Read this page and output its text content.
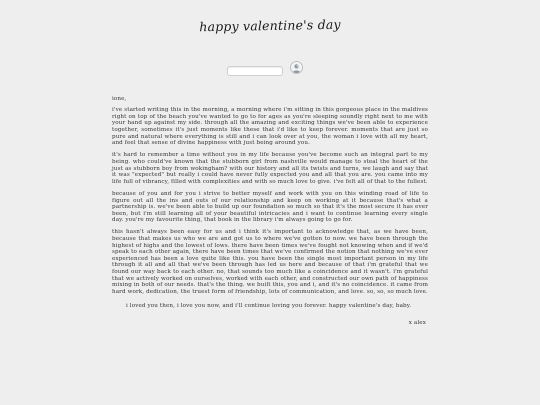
happy valentine's day

ione,

i've started writing this in the morning, a morning where i'm sitting in this gorgeous place in the maldives right on top of the beach you've wanted to go to for ages as you're sleeping soundly right next to me with your hand up against my side. through all the amazing and exciting things we've been able to experience together, sometimes it's just moments like these that i'd like to keep forever. moments that are just so pure and natural where everything is still and i can look over at you, the woman i love with all my heart, and feel that sense of divine happiness with just being around you.

it's hard to remember a time without you in my life because you've become such an integral part to my being. who could've known that the stubborn girl from nashville would manage to steal the heart of the just as stubborn boy from wokingham? with our history and all its twists and turns, we laugh and say that it was "expected" but really i could have never fully expected you and all that you are. you came into my life full of vibrancy, filled with complexities and with so much love to give. i've felt all of that to the fullest.

because of you and for you i strive to better myself and work with you on this winding road of life to figure out all the ins and outs of our relationship and keep on working at it because that's what a partnership is. we've been able to build up our foundation so much so that it's the most secure it has ever been, but i'm still learning all of your beautiful intricacies and i want to continue learning every single day. you're my favourite thing, that book in the library i'm always going to go for.

this hasn't always been easy for us and i think it's important to acknowledge that, as we have been, because that makes us who we are and got us to where we've gotten to now. we have been through the highest of highs and the lowest of lows. there have been times we've fought not knowing when and if we'd speak to each other again, there have been times that we've confirmed the notion that nothing we've ever experienced has been a love quite like this. you have been the single most important person in my life through it all and all that we've been through has led us here and because of that i'm grateful that we found our way back to each other. no, that sounds too much like a coincidence and it wasn't. i'm grateful that we actively worked on ourselves, worked with each other, and constructed our own path of happiness mixing in both of our needs. that's the thing. we built this, you and i, and it's no coincidence. it came from hard work, dedication, the truest form of friendship, lots of communication, and love. so, so, so much love.

i loved you then, i love you now, and i'll continue loving you forever. happy valentine's day, baby.

x alex
